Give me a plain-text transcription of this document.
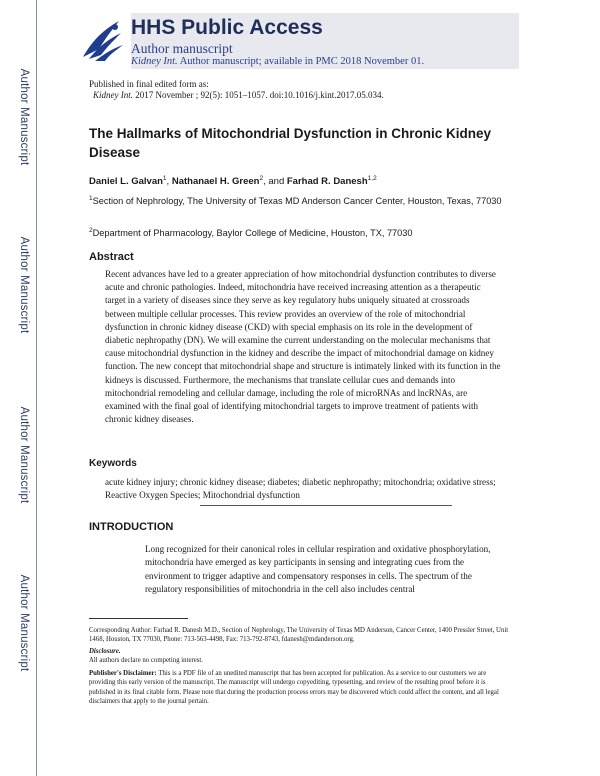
Author Manuscript
Author Manuscript
Author Manuscript
Author Manuscript
HHS Public Access
Author manuscript
Kidney Int. Author manuscript; available in PMC 2018 November 01.
Published in final edited form as:
Kidney Int. 2017 November ; 92(5): 1051–1057. doi:10.1016/j.kint.2017.05.034.
The Hallmarks of Mitochondrial Dysfunction in Chronic Kidney Disease
Daniel L. Galvan$^1$, Nathanael H. Green$^2$, and Farhad R. Danesh$^{1,2}$
$^1$Section of Nephrology, The University of Texas MD Anderson Cancer Center, Houston, Texas, 77030
$^2$Department of Pharmacology, Baylor College of Medicine, Houston, TX, 77030
Abstract
Recent advances have led to a greater appreciation of how mitochondrial dysfunction contributes to diverse acute and chronic pathologies. Indeed, mitochondria have received increasing attention as a therapeutic target in a variety of diseases since they serve as key regulatory hubs uniquely situated at crossroads between multiple cellular processes. This review provides an overview of the role of mitochondrial dysfunction in chronic kidney disease (CKD) with special emphasis on its role in the development of diabetic nephropathy (DN). We will examine the current understanding on the molecular mechanisms that cause mitochondrial dysfunction in the kidney and describe the impact of mitochondrial damage on kidney function. The new concept that mitochondrial shape and structure is intimately linked with its function in the kidneys is discussed. Furthermore, the mechanisms that translate cellular cues and demands into mitochondrial remodeling and cellular damage, including the role of microRNAs and lncRNAs, are examined with the final goal of identifying mitochondrial targets to improve treatment of patients with chronic kidney diseases.
Keywords
acute kidney injury; chronic kidney disease; diabetes; diabetic nephropathy; mitochondria; oxidative stress; Reactive Oxygen Species; Mitochondrial dysfunction
INTRODUCTION
Long recognized for their canonical roles in cellular respiration and oxidative phosphorylation, mitochondria have emerged as key participants in sensing and integrating cues from the environment to trigger adaptive and compensatory responses in cells. The spectrum of the regulatory responsibilities of mitochondria in the cell also includes central
Corresponding Author: Farhad R. Danesh M.D., Section of Nephrology, The University of Texas MD Anderson, Cancer Center, 1400 Pressler Street, Unit 1468, Houston, TX 77030, Phone: 713-563-4498, Fax: 713-792-8743, fdanesh@mdanderson.org.
Disclosure.
All authors declare no competing interest.
Publisher's Disclaimer: This is a PDF file of an unedited manuscript that has been accepted for publication. As a service to our customers we are providing this early version of the manuscript. The manuscript will undergo copyediting, typesetting, and review of the resulting proof before it is published in its final citable form. Please note that during the production process errors may be discovered which could affect the content, and all legal disclaimers that apply to the journal pertain.
